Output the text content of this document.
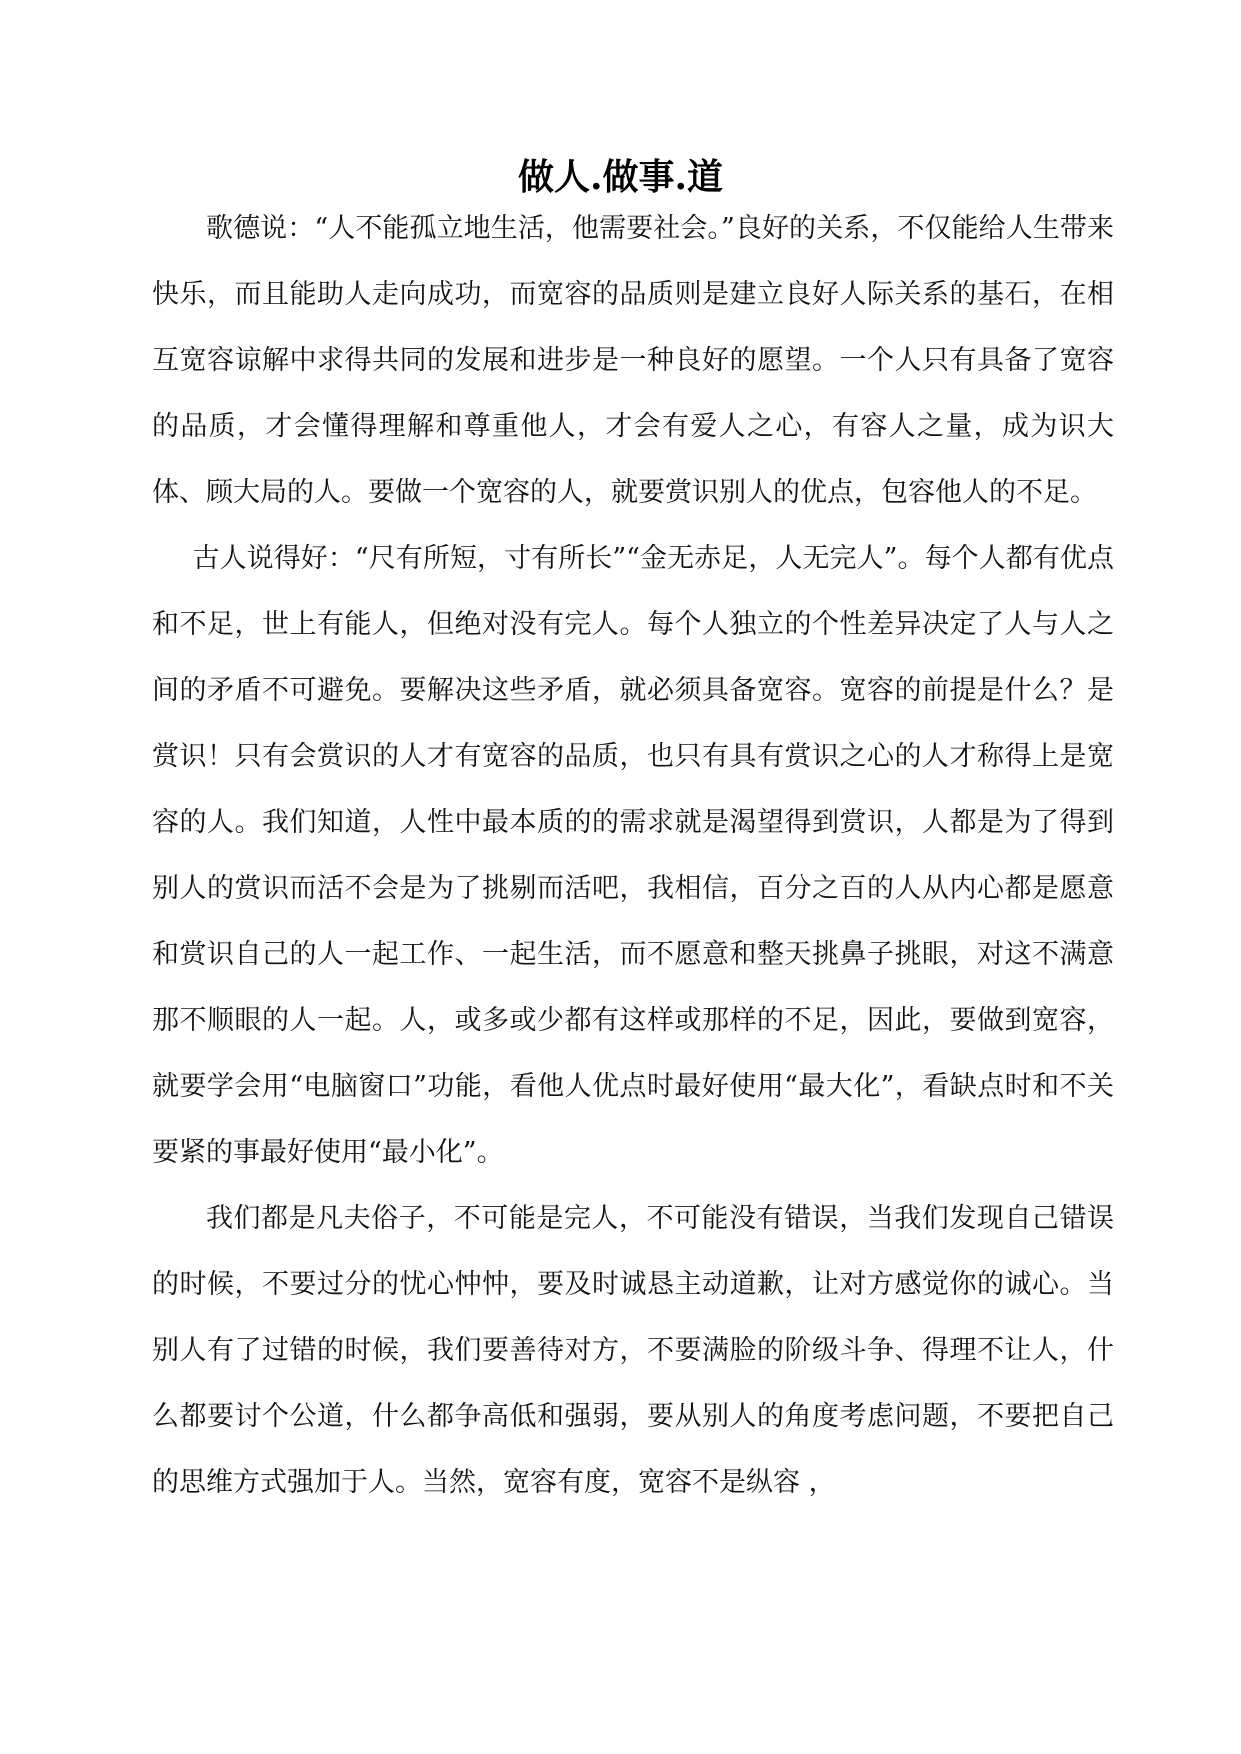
做人.做事.道

歌德说：“人不能孤立地生活，他需要社会。”良好的关系，不仅能给人生带来快乐，而且能助人走向成功，而宽容的品质则是建立良好人际关系的基石，在相互宽容谅解中求得共同的发展和进步是一种良好的愿望。一个人只有具备了宽容的品质，才会懂得理解和尊重他人，才会有爱人之心，有容人之量，成为识大体、顾大局的人。要做一个宽容的人，就要赏识别人的优点，包容他人的不足。

古人说得好：“尺有所短，寸有所长”“金无赤足，人无完人”。每个人都有优点和不足，世上有能人，但绝对没有完人。每个人独立的个性差异决定了人与人之间的矛盾不可避免。要解决这些矛盾，就必须具备宽容。宽容的前提是什么？是赏识！只有会赏识的人才有宽容的品质，也只有具有赏识之心的人才称得上是宽容的人。我们知道，人性中最本质的的需求就是渴望得到赏识，人都是为了得到别人的赏识而活不会是为了挑剔而活吧，我相信，百分之百的人从内心都是愿意和赏识自己的人一起工作、一起生活，而不愿意和整天挑鼻子挑眼，对这不满意那不顺眼的人一起。人，或多或少都有这样或那样的不足，因此，要做到宽容，就要学会用“电脑窗口”功能，看他人优点时最好使用“最大化”，看缺点时和不关要紧的事最好使用“最小化”。

我们都是凡夫俗子，不可能是完人，不可能没有错误，当我们发现自己错误的时候，不要过分的忧心忡忡，要及时诚恳主动道歉，让对方感觉你的诚心。当别人有了过错的时候，我们要善待对方，不要满脸的阶级斗争、得理不让人，什么都要讨个公道，什么都争高低和强弱，要从别人的角度考虑问题，不要把自己的思维方式强加于人。当然，宽容有度，宽容不是纵容 ，
